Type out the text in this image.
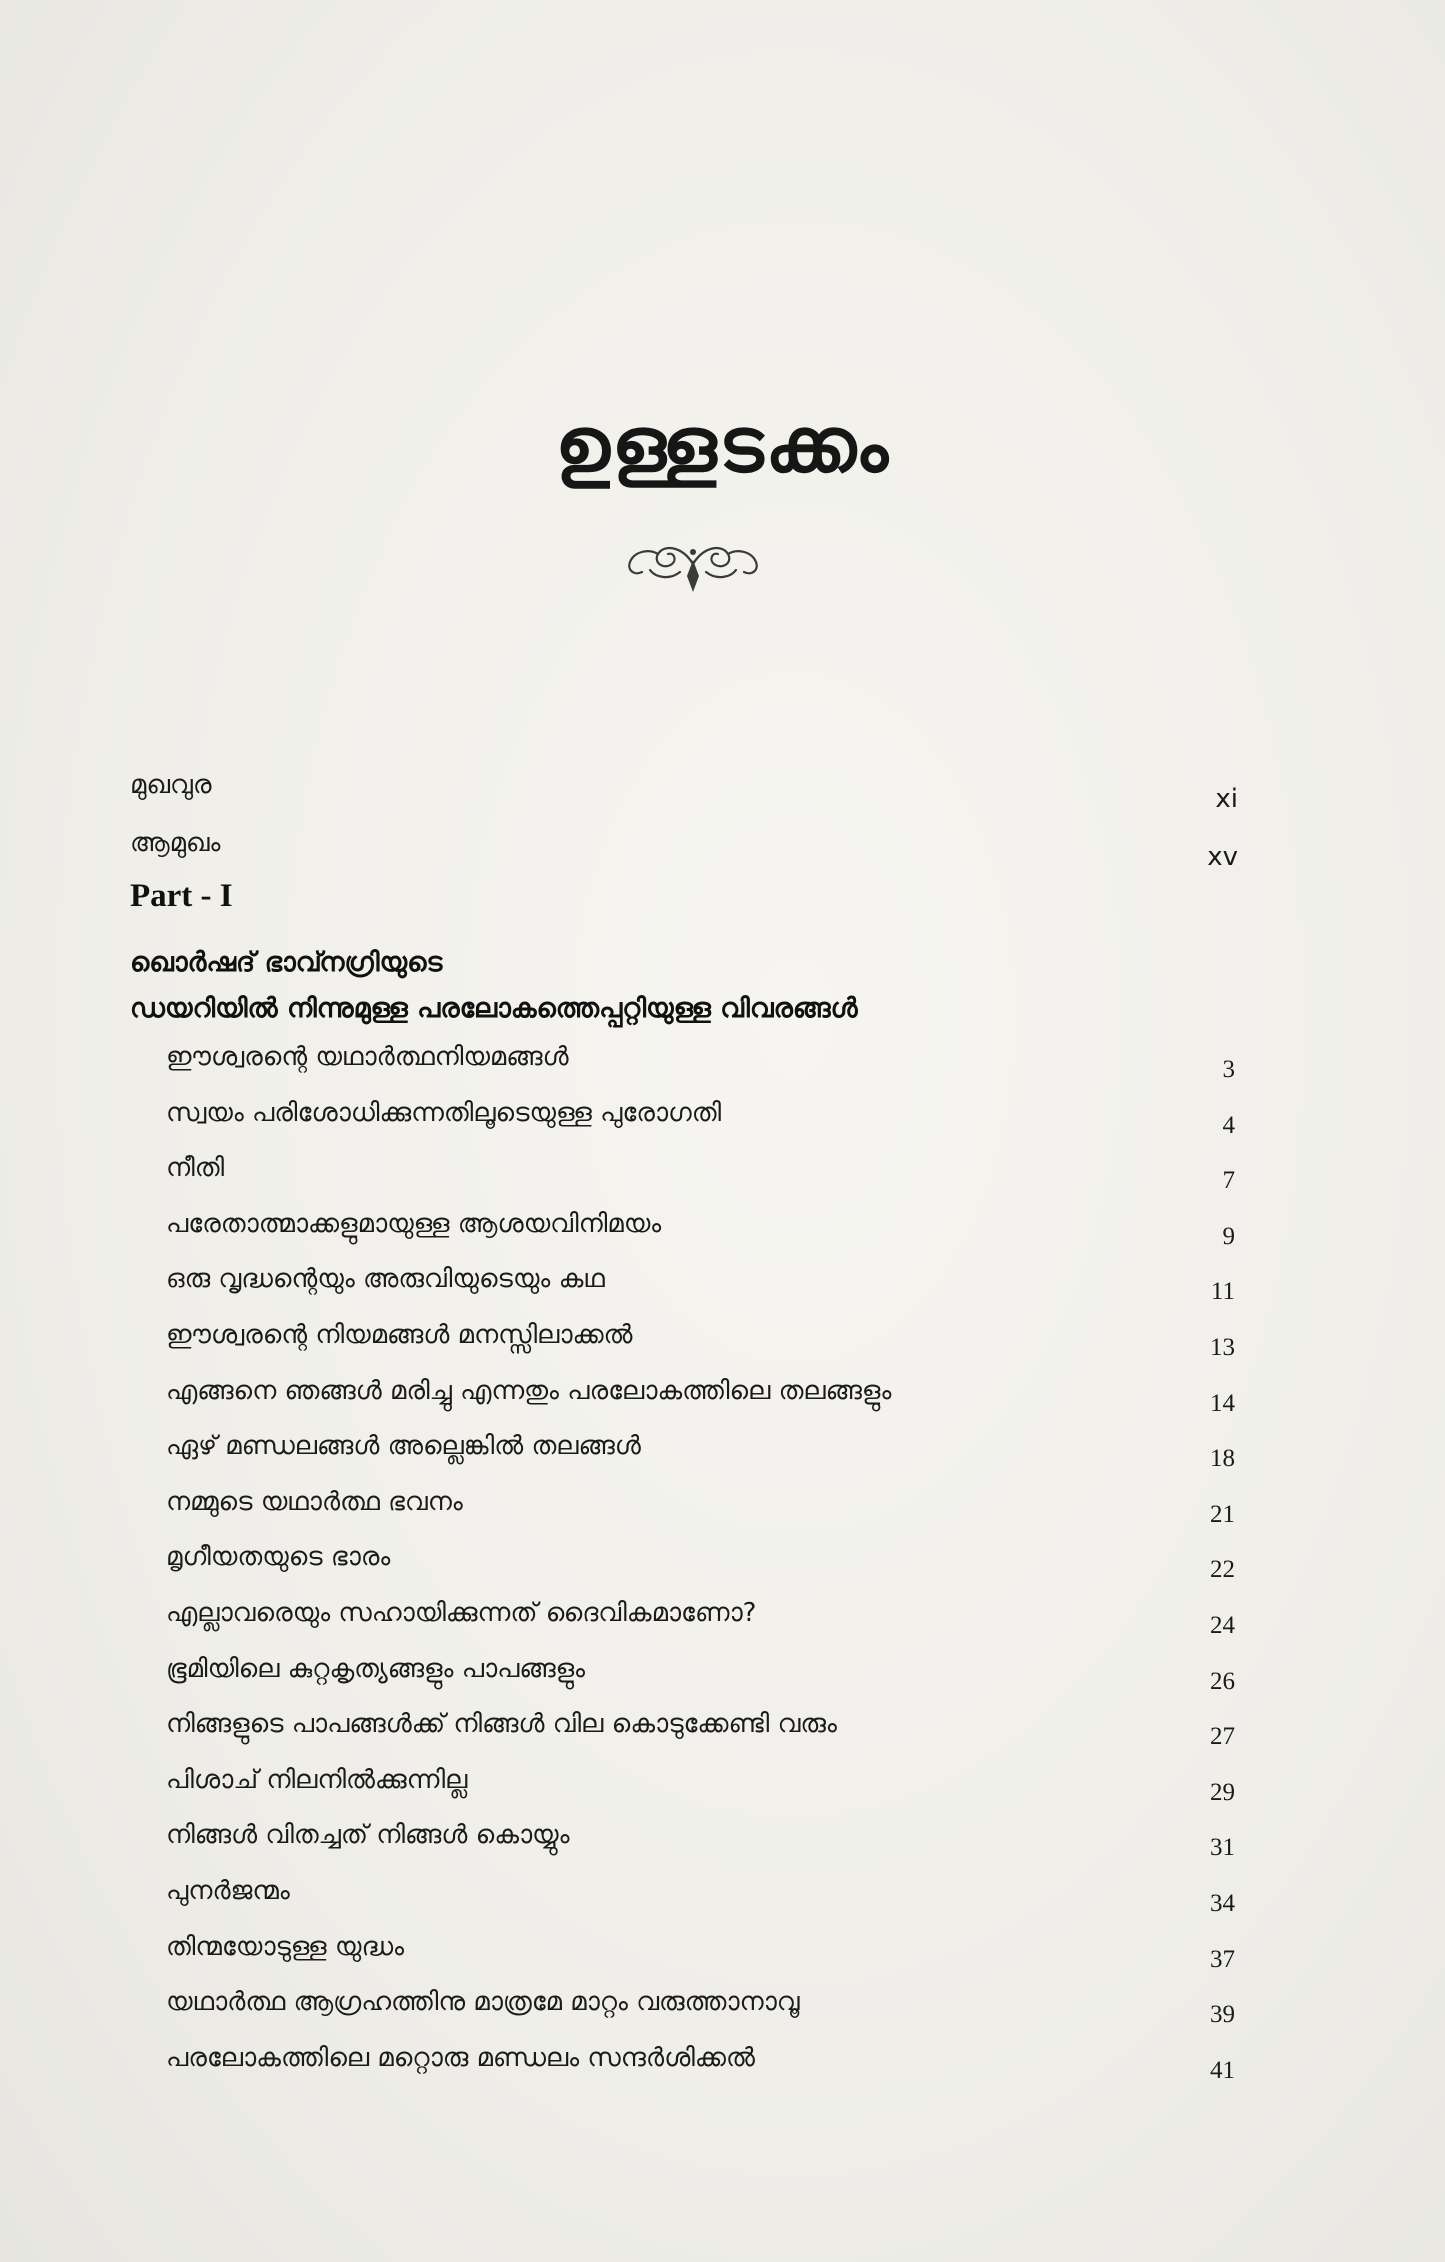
ഉള്ളടക്കം
മുഖവുര	xi
ആമുഖം	xv
Part - I
ഖൊർഷദ് ഭാവ്നഗ്രിയുടെ
ഡയറിയിൽ നിന്നുമുള്ള പരലോകത്തെപ്പറ്റിയുള്ള വിവരങ്ങൾ
ഈശ്വരന്റെ യഥാർത്ഥനിയമങ്ങൾ	3
സ്വയം പരിശോധിക്കുന്നതിലൂടെയുള്ള പുരോഗതി	4
നീതി	7
പരേതാത്മാക്കളുമായുള്ള ആശയവിനിമയം	9
ഒരു വൃദ്ധന്റെയും അരുവിയുടെയും കഥ	11
ഈശ്വരന്റെ നിയമങ്ങൾ മനസ്സിലാക്കൽ	13
എങ്ങനെ ഞങ്ങൾ മരിച്ചു എന്നതും പരലോകത്തിലെ തലങ്ങളും	14
ഏഴ് മണ്ഡലങ്ങൾ അല്ലെങ്കിൽ തലങ്ങൾ	18
നമ്മുടെ യഥാർത്ഥ ഭവനം	21
മൃഗീയതയുടെ ഭാരം	22
എല്ലാവരെയും സഹായിക്കുന്നത് ദൈവികമാണോ?	24
ഭൂമിയിലെ കുറ്റകൃത്യങ്ങളും പാപങ്ങളും	26
നിങ്ങളുടെ പാപങ്ങൾക്ക് നിങ്ങൾ വില കൊടുക്കേണ്ടി വരും	27
പിശാച് നിലനിൽക്കുന്നില്ല	29
നിങ്ങൾ വിതച്ചത് നിങ്ങൾ കൊയ്യും	31
പുനർജന്മം	34
തിന്മയോടുള്ള യുദ്ധം	37
യഥാർത്ഥ ആഗ്രഹത്തിനു മാത്രമേ മാറ്റം വരുത്താനാവൂ	39
പരലോകത്തിലെ മറ്റൊരു മണ്ഡലം സന്ദർശിക്കൽ	41
